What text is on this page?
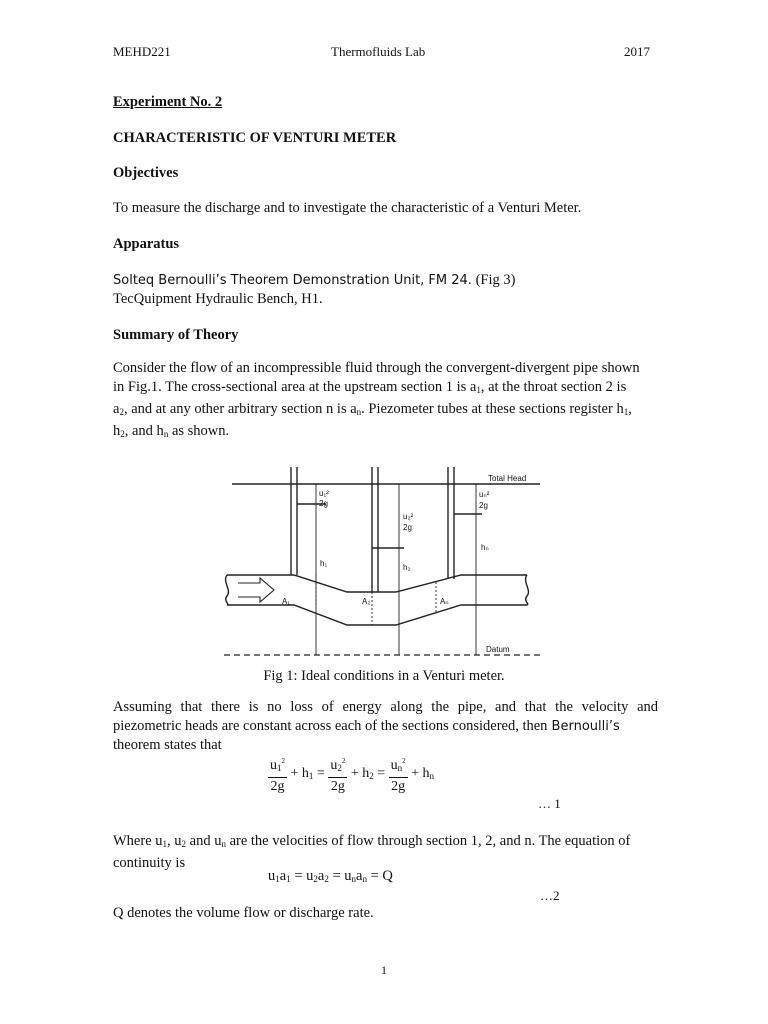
MEHD221	Thermofluids Lab	2017
Experiment No. 2
CHARACTERISTIC OF VENTURI METER
Objectives
To measure the discharge and to investigate the characteristic of a Venturi Meter.
Apparatus
Solteq Bernoulli’s Theorem Demonstration Unit, FM 24. (Fig 3)
TecQuipment Hydraulic Bench, H1.
Summary of Theory

Consider the flow of an incompressible fluid through the convergent-divergent pipe shown

in Fig.1. The cross-sectional area at the upstream section 1 is $a_1$, at the throat section 2 is

$a_2$, and at any other arbitrary section n is $a_n$. Piezometer tubes at these sections register $h_1$,

$h_2$, and $h_n$ as shown.

Total Head
Datum
u₁²
2g
u₂²
2g
uₙ²
2g
h₁	h₂
hₙ
A₁	A₂	Aₙ
Fig 1: Ideal conditions in a Venturi meter.

Assuming that there is no loss of energy along the pipe, and that the velocity and

piezometric heads are constant across each of the sections considered, then Bernoulli’s

theorem states that

$\frac{u_1^2}{2g} + h_1 = \frac{u_2^2}{2g} + h_2 = \frac{u_n^2}{2g} + h_n$
… 1

Where $u_1$, $u_2$ and $u_n$ are the velocities of flow through section 1, 2, and n. The equation of

continuity is

$u_1a_1 = u_2a_2 = u_na_n = Q$
…2
Q denotes the volume flow or discharge rate.
1
